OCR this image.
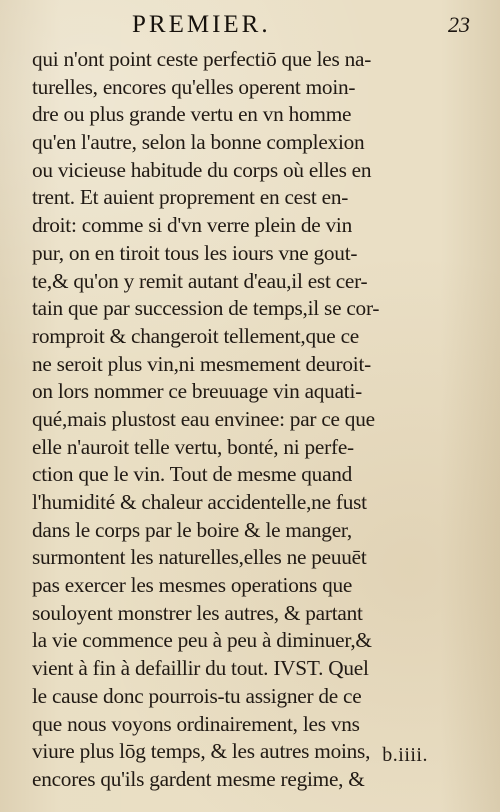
PREMIER.	23
qui n'ont point ceste perfectiō que les na-
turelles, encores qu'elles operent moin-
dre ou plus grande vertu en vn homme
qu'en l'autre, selon la bonne complexion
ou vicieuse habitude du corps où elles en
trent. Et auient proprement en cest en-
droit: comme si d'vn verre plein de vin
pur, on en tiroit tous les iours vne gout-
te,& qu'on y remit autant d'eau,il est cer-
tain que par succession de temps,il se cor-
romproit & changeroit tellement,que ce
ne seroit plus vin,ni mesmement deuroit-
on lors nommer ce breuuage vin aquati-
qué,mais plustost eau envinee: par ce que
elle n'auroit telle vertu, bonté, ni perfe-
ction que le vin. Tout de mesme quand
l'humidité & chaleur accidentelle,ne fust
dans le corps par le boire & le manger,
surmontent les naturelles,elles ne peuuēt
pas exercer les mesmes operations que
souloyent monstrer les autres, & partant
la vie commence peu à peu à diminuer,&
vient à fin à defaillir du tout. IVST. Quel
le cause donc pourrois-tu assigner de ce
que nous voyons ordinairement, les vns
viure plus lōg temps, & les autres moins,
encores qu'ils gardent mesme regime, &
b.iiii.
